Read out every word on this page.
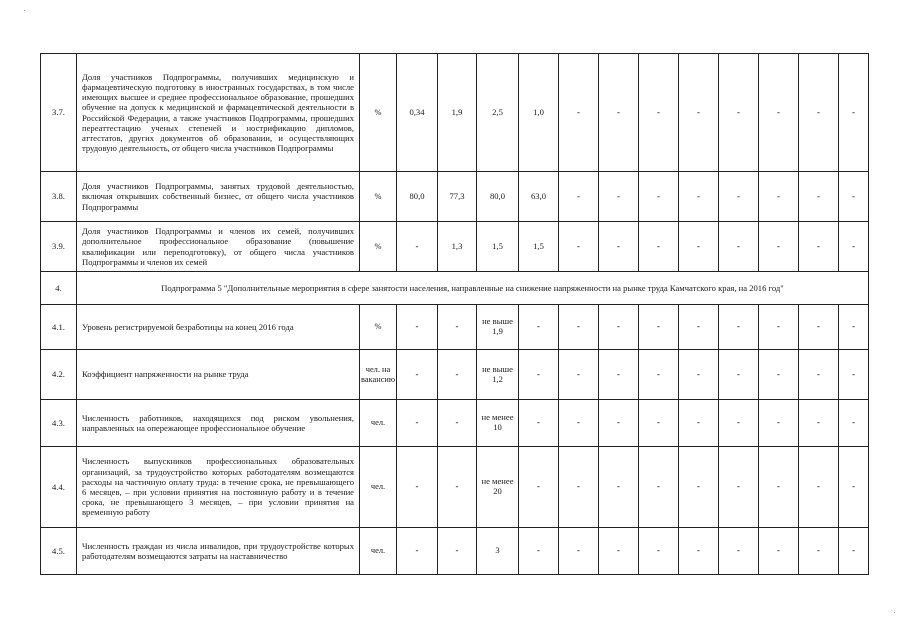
3.7.	Доля участников Подпрограммы, получивших медицинскую и фармацевтическую подготовку в иностранных государствах, в том числе имеющих высшее и среднее профессиональное образование, прошедших обучение на допуск к медицинской и фармацевтической деятельности в Российской Федерации, а также участников Подпрограммы, прошедших переаттестацию ученых степеней и нострификацию дипломов, аттестатов, других документов об образовании, и осуществляющих трудовую деятельность, от общего числа участников Подпрограммы	%	0,34	1,9	2,5	1,0	-	-	-	-	-	-	-	-
3.8.	Доля участников Подпрограммы, занятых трудовой деятельностью, включая открывших собственный бизнес, от общего числа участников Подпрограммы	%	80,0	77,3	80,0	63,0	-	-	-	-	-	-	-	-
3.9.	Доля участников Подпрограммы и членов их семей, получивших дополнительное профессиональное образование (повышение квалификации или переподготовку), от общего числа участников Подпрограммы и членов их семей	%	-	1,3	1,5	1,5	-	-	-	-	-	-	-	-
4.	Подпрограмма 5 "Дополнительные мероприятия в сфере занятости населения, направленные на снижение напряженности на рынке труда Камчатского края, на 2016 год"													
4.1.	Уровень регистрируемой безработицы на конец 2016 года	%	-	-	не выше 1,9	-	-	-	-	-	-	-	-	-
4.2.	Коэффициент напряженности на рынке труда	чел. на вакансию	-	-	не выше 1,2	-	-	-	-	-	-	-	-	-
4.3.	Численность работников, находящихся под риском увольнения, направленных на опережающее профессиональное обучение	чел.	-	-	не менее 10	-	-	-	-	-	-	-	-	-
4.4.	Численность выпускников профессиональных образовательных организаций, за трудоустройство которых работодателям возмещаются расходы на частичную оплату труда: в течение срока, не превышающего 6 месяцев, – при условии принятия на постоянную работу и в течение срока, не превышающего 3 месяцев, – при условии принятия на временную работу	чел.	-	-	не менее 20	-	-	-	-	-	-	-	-	-
4.5.	Численность граждан из числа инвалидов, при трудоустройстве которых работодателям возмещаются затраты на наставничество	чел.	-	-	3	-	-	-	-	-	-	-	-	-
